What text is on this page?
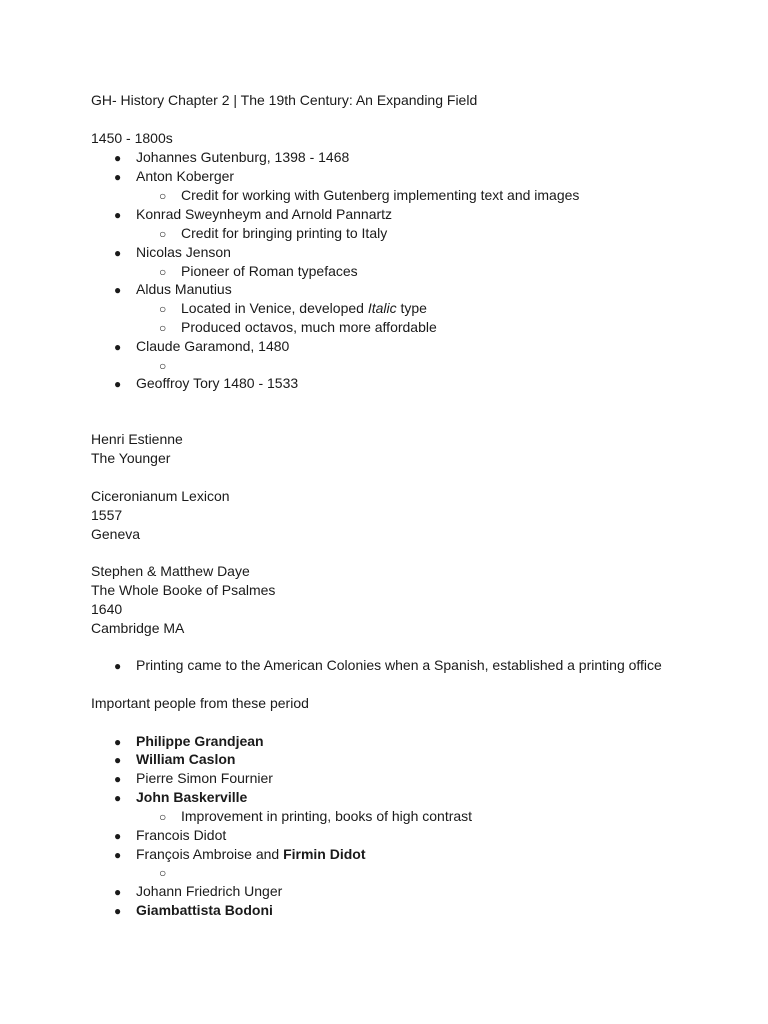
GH- History Chapter 2 | The 19th Century: An Expanding Field
1450 - 1800s
● Johannes Gutenburg, 1398 - 1468
● Anton Koberger
○ Credit for working with Gutenberg implementing text and images
● Konrad Sweynheym and Arnold Pannartz
○ Credit for bringing printing to Italy
● Nicolas Jenson
○ Pioneer of Roman typefaces
● Aldus Manutius
○ Located in Venice, developed Italic type
○ Produced octavos, much more affordable
● Claude Garamond, 1480
○
● Geoffroy Tory 1480 - 1533
Henri Estienne
The Younger
Ciceronianum Lexicon
1557
Geneva
Stephen & Matthew Daye
The Whole Booke of Psalmes
1640
Cambridge MA
● Printing came to the American Colonies when a Spanish, established a printing office
Important people from these period
● Philippe Grandjean
● William Caslon
● Pierre Simon Fournier
● John Baskerville
○ Improvement in printing, books of high contrast
● Francois Didot
● François Ambroise and Firmin Didot
○
● Johann Friedrich Unger
● Giambattista Bodoni
